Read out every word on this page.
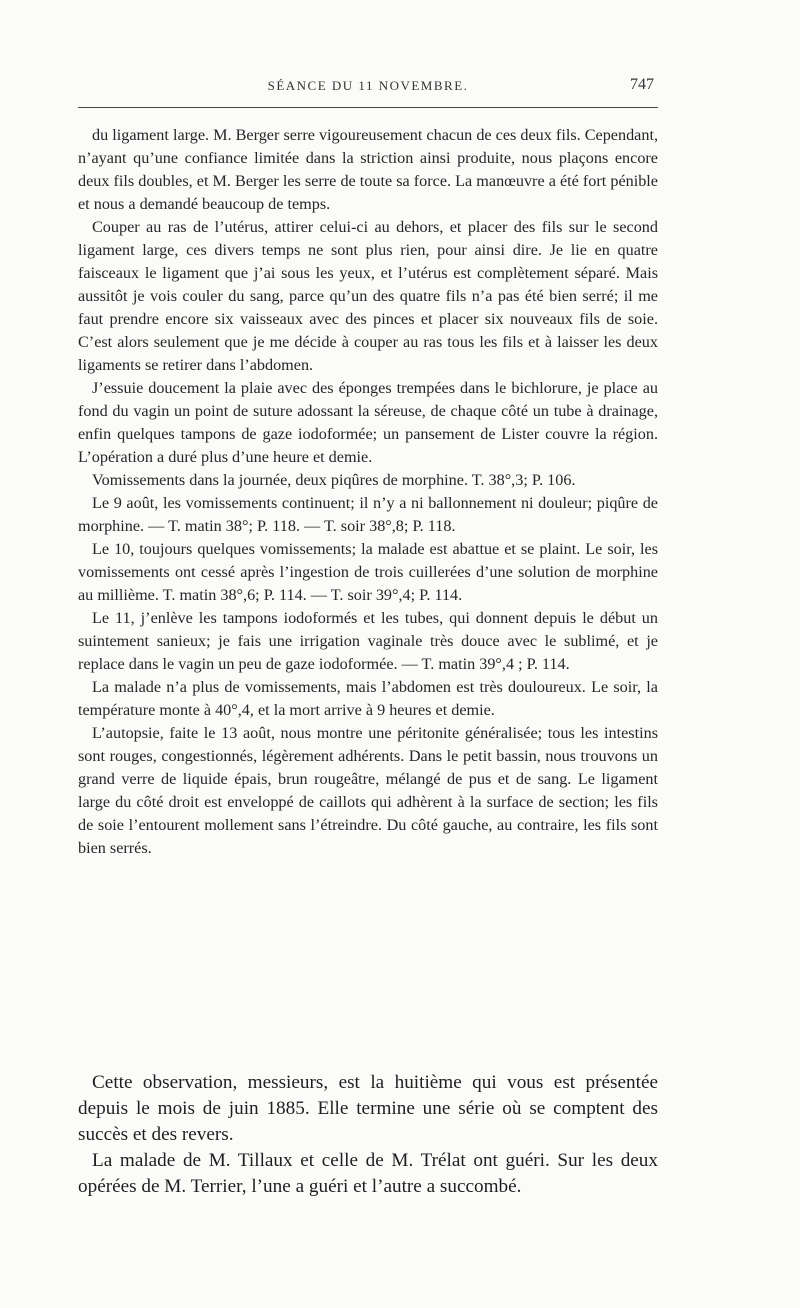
SÉANCE DU 11 NOVEMBRE.	747

du ligament large. M. Berger serre vigoureusement chacun de ces deux fils. Cependant, n’ayant qu’une confiance limitée dans la striction ainsi produite, nous plaçons encore deux fils doubles, et M. Berger les serre de toute sa force. La manœuvre a été fort pénible et nous a demandé beaucoup de temps.

Couper au ras de l’utérus, attirer celui-ci au dehors, et placer des fils sur le second ligament large, ces divers temps ne sont plus rien, pour ainsi dire. Je lie en quatre faisceaux le ligament que j’ai sous les yeux, et l’utérus est complètement séparé. Mais aussitôt je vois couler du sang, parce qu’un des quatre fils n’a pas été bien serré; il me faut prendre encore six vaisseaux avec des pinces et placer six nouveaux fils de soie. C’est alors seulement que je me décide à couper au ras tous les fils et à laisser les deux ligaments se retirer dans l’abdomen.

J’essuie doucement la plaie avec des éponges trempées dans le bichlorure, je place au fond du vagin un point de suture adossant la séreuse, de chaque côté un tube à drainage, enfin quelques tampons de gaze iodoformée; un pansement de Lister couvre la région. L’opération a duré plus d’une heure et demie.

Vomissements dans la journée, deux piqûres de morphine. T. 38°,3; P. 106.

Le 9 août, les vomissements continuent; il n’y a ni ballonnement ni douleur; piqûre de morphine. — T. matin 38°; P. 118. — T. soir 38°,8; P. 118.

Le 10, toujours quelques vomissements; la malade est abattue et se plaint. Le soir, les vomissements ont cessé après l’ingestion de trois cuillerées d’une solution de morphine au millième. T. matin 38°,6; P. 114. — T. soir 39°,4; P. 114.

Le 11, j’enlève les tampons iodoformés et les tubes, qui donnent depuis le début un suintement sanieux; je fais une irrigation vaginale très douce avec le sublimé, et je replace dans le vagin un peu de gaze iodoformée. — T. matin 39°,4 ; P. 114.

La malade n’a plus de vomissements, mais l’abdomen est très douloureux. Le soir, la température monte à 40°,4, et la mort arrive à 9 heures et demie.

L’autopsie, faite le 13 août, nous montre une péritonite généralisée; tous les intestins sont rouges, congestionnés, légèrement adhérents. Dans le petit bassin, nous trouvons un grand verre de liquide épais, brun rougeâtre, mélangé de pus et de sang. Le ligament large du côté droit est enveloppé de caillots qui adhèrent à la surface de section; les fils de soie l’entourent mollement sans l’étreindre. Du côté gauche, au contraire, les fils sont bien serrés.

Cette observation, messieurs, est la huitième qui vous est présentée depuis le mois de juin 1885. Elle termine une série où se comptent des succès et des revers.

La malade de M. Tillaux et celle de M. Trélat ont guéri. Sur les deux opérées de M. Terrier, l’une a guéri et l’autre a succombé.
